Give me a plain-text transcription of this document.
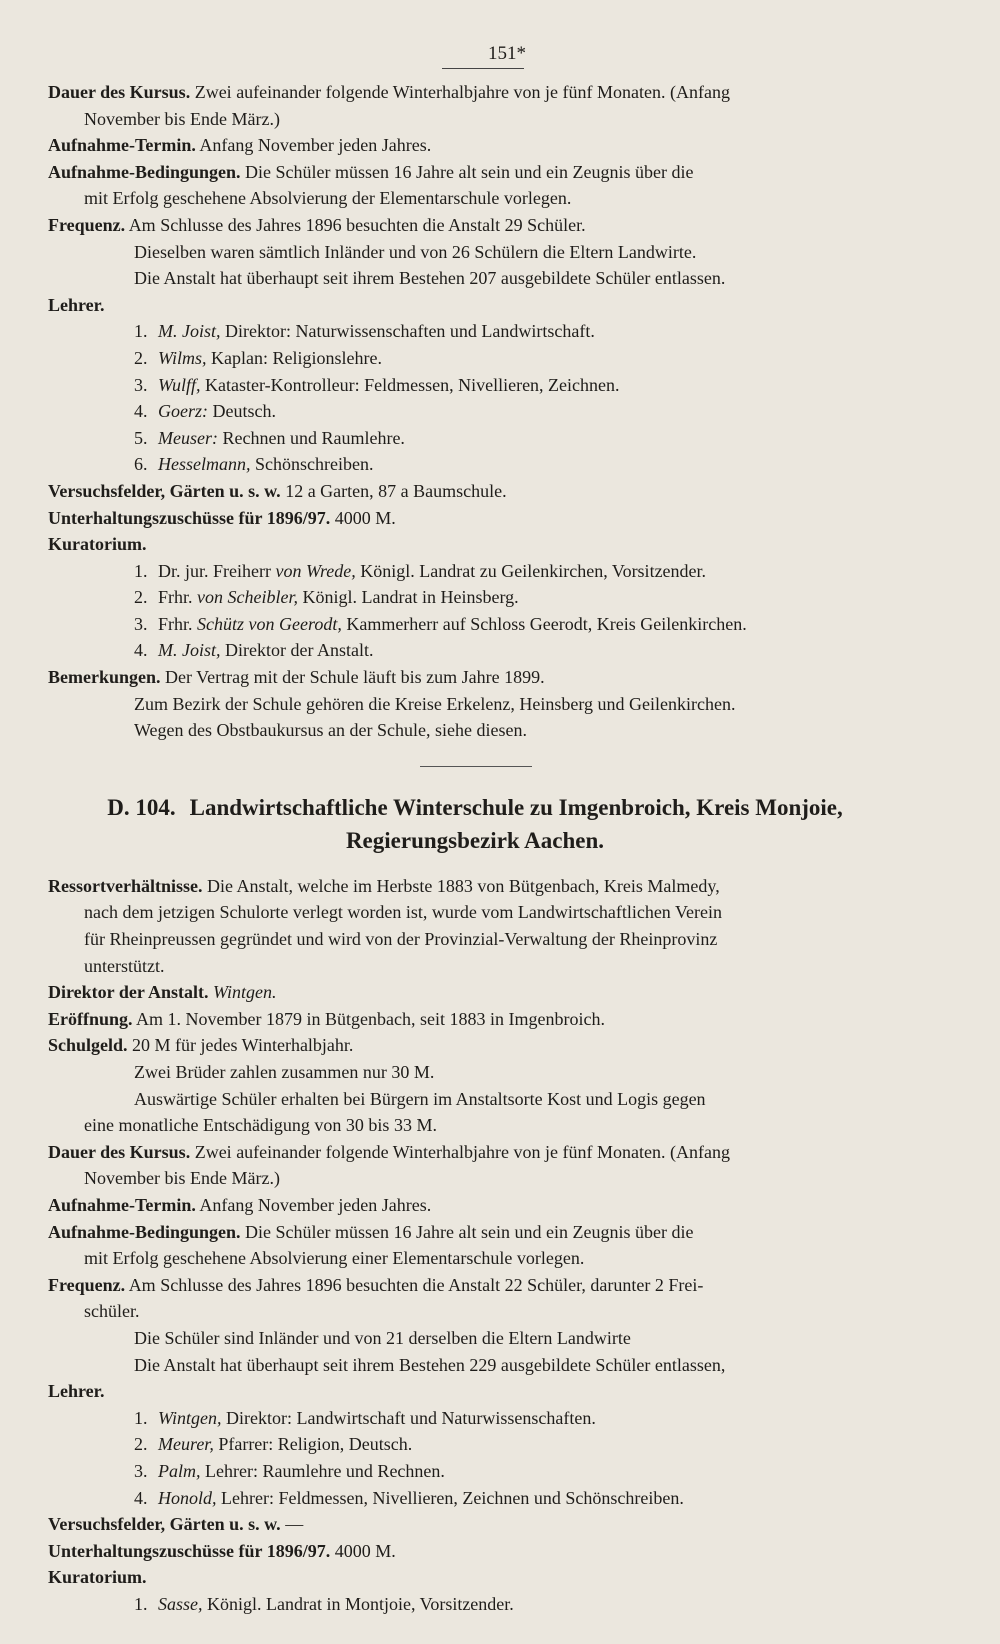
151*
Dauer des Kursus. Zwei aufeinander folgende Winterhalbjahre von je fünf Monaten. (Anfang
November bis Ende März.)
Aufnahme-Termin. Anfang November jeden Jahres.
Aufnahme-Bedingungen. Die Schüler müssen 16 Jahre alt sein und ein Zeugnis über die
mit Erfolg geschehene Absolvierung der Elementarschule vorlegen.
Frequenz. Am Schlusse des Jahres 1896 besuchten die Anstalt 29 Schüler.
Dieselben waren sämtlich Inländer und von 26 Schülern die Eltern Landwirte.
Die Anstalt hat überhaupt seit ihrem Bestehen 207 ausgebildete Schüler entlassen.
Lehrer.
1. M. Joist, Direktor: Naturwissenschaften und Landwirtschaft.
2. Wilms, Kaplan: Religionslehre.
3. Wulff, Kataster-Kontrolleur: Feldmessen, Nivellieren, Zeichnen.
4. Goerz: Deutsch.
5. Meuser: Rechnen und Raumlehre.
6. Hesselmann, Schönschreiben.
Versuchsfelder, Gärten u. s. w. 12 a Garten, 87 a Baumschule.
Unterhaltungszuschüsse für 1896/97. 4000 M.
Kuratorium.
1. Dr. jur. Freiherr von Wrede, Königl. Landrat zu Geilenkirchen, Vorsitzender.
2. Frhr. von Scheibler, Königl. Landrat in Heinsberg.
3. Frhr. Schütz von Geerodt, Kammerherr auf Schloss Geerodt, Kreis Geilenkirchen.
4. M. Joist, Direktor der Anstalt.
Bemerkungen. Der Vertrag mit der Schule läuft bis zum Jahre 1899.
Zum Bezirk der Schule gehören die Kreise Erkelenz, Heinsberg und Geilenkirchen.
Wegen des Obstbaukursus an der Schule, siehe diesen.
D. 104. Landwirtschaftliche Winterschule zu Imgenbroich, Kreis Monjoie,
Regierungsbezirk Aachen.
Ressortverhältnisse. Die Anstalt, welche im Herbste 1883 von Bütgenbach, Kreis Malmedy,
nach dem jetzigen Schulorte verlegt worden ist, wurde vom Landwirtschaftlichen Verein
für Rheinpreussen gegründet und wird von der Provinzial-Verwaltung der Rheinprovinz
unterstützt.
Direktor der Anstalt. Wintgen.
Eröffnung. Am 1. November 1879 in Bütgenbach, seit 1883 in Imgenbroich.
Schulgeld. 20 M für jedes Winterhalbjahr.
Zwei Brüder zahlen zusammen nur 30 M.
Auswärtige Schüler erhalten bei Bürgern im Anstaltsorte Kost und Logis gegen
eine monatliche Entschädigung von 30 bis 33 M.
Dauer des Kursus. Zwei aufeinander folgende Winterhalbjahre von je fünf Monaten. (Anfang
November bis Ende März.)
Aufnahme-Termin. Anfang November jeden Jahres.
Aufnahme-Bedingungen. Die Schüler müssen 16 Jahre alt sein und ein Zeugnis über die
mit Erfolg geschehene Absolvierung einer Elementarschule vorlegen.
Frequenz. Am Schlusse des Jahres 1896 besuchten die Anstalt 22 Schüler, darunter 2 Frei-
schüler.
Die Schüler sind Inländer und von 21 derselben die Eltern Landwirte
Die Anstalt hat überhaupt seit ihrem Bestehen 229 ausgebildete Schüler entlassen,
Lehrer.
1. Wintgen, Direktor: Landwirtschaft und Naturwissenschaften.
2. Meurer, Pfarrer: Religion, Deutsch.
3. Palm, Lehrer: Raumlehre und Rechnen.
4. Honold, Lehrer: Feldmessen, Nivellieren, Zeichnen und Schönschreiben.
Versuchsfelder, Gärten u. s. w. —
Unterhaltungszuschüsse für 1896/97. 4000 M.
Kuratorium.
1. Sasse, Königl. Landrat in Montjoie, Vorsitzender.
